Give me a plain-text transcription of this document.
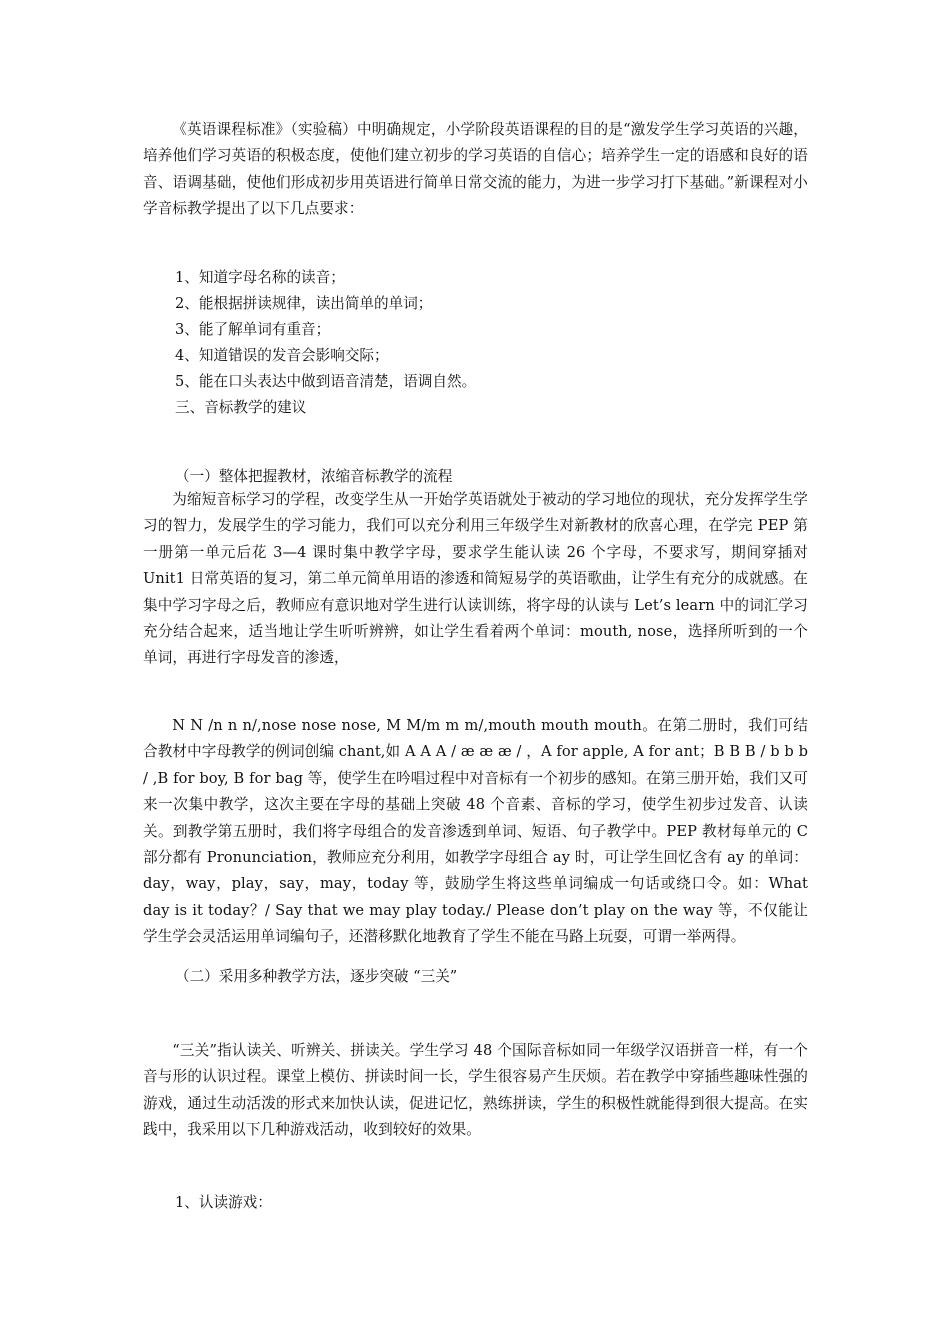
《英语课程标准》（实验稿）中明确规定，小学阶段英语课程的目的是“激发学生学习英语的兴趣，培养他们学习英语的积极态度，使他们建立初步的学习英语的自信心；培养学生一定的语感和良好的语音、语调基础，使他们形成初步用英语进行简单日常交流的能力，为进一步学习打下基础。”新课程对小学音标教学提出了以下几点要求：

1、知道字母名称的读音；

2、能根据拼读规律，读出简单的单词；

3、能了解单词有重音；

4、知道错误的发音会影响交际；

5、能在口头表达中做到语音清楚，语调自然。

三、音标教学的建议

（一）整体把握教材，浓缩音标教学的流程

为缩短音标学习的学程，改变学生从一开始学英语就处于被动的学习地位的现状，充分发挥学生学习的智力，发展学生的学习能力，我们可以充分利用三年级学生对新教材的欣喜心理，在学完 PEP 第一册第一单元后花 3—4 课时集中教学字母，要求学生能认读 26 个字母，不要求写，期间穿插对 Unit1 日常英语的复习，第二单元简单用语的渗透和简短易学的英语歌曲，让学生有充分的成就感。在集中学习字母之后，教师应有意识地对学生进行认读训练，将字母的认读与 Let’s learn 中的词汇学习充分结合起来，适当地让学生听听辨辨，如让学生看着两个单词：mouth, nose，选择所听到的一个单词，再进行字母发音的渗透，

N N /n n n/,nose nose nose, M M/m m m/,mouth mouth mouth。在第二册时，我们可结合教材中字母教学的例词创编 chant,如 A A A / æ æ æ / ，A for apple, A for ant；B B B / b b b / ,B for boy, B for bag 等，使学生在吟唱过程中对音标有一个初步的感知。在第三册开始，我们又可来一次集中教学，这次主要在字母的基础上突破 48 个音素、音标的学习，使学生初步过发音、认读关。到教学第五册时，我们将字母组合的发音渗透到单词、短语、句子教学中。PEP 教材每单元的 C 部分都有 Pronunciation，教师应充分利用，如教学字母组合 ay 时，可让学生回忆含有 ay 的单词：day，way，play，say，may，today 等，鼓励学生将这些单词编成一句话或绕口令。如：What day is it today？/ Say that we may play today./ Please don’t play on the way 等，不仅能让学生学会灵活运用单词编句子，还潜移默化地教育了学生不能在马路上玩耍，可谓一举两得。

（二）采用多种教学方法，逐步突破 “三关”

“三关”指认读关、听辨关、拼读关。学生学习 48 个国际音标如同一年级学汉语拼音一样，有一个音与形的认识过程。课堂上模仿、拼读时间一长，学生很容易产生厌烦。若在教学中穿插些趣味性强的游戏，通过生动活泼的形式来加快认读，促进记忆，熟练拼读，学生的积极性就能得到很大提高。在实践中，我采用以下几种游戏活动，收到较好的效果。

1、认读游戏：
